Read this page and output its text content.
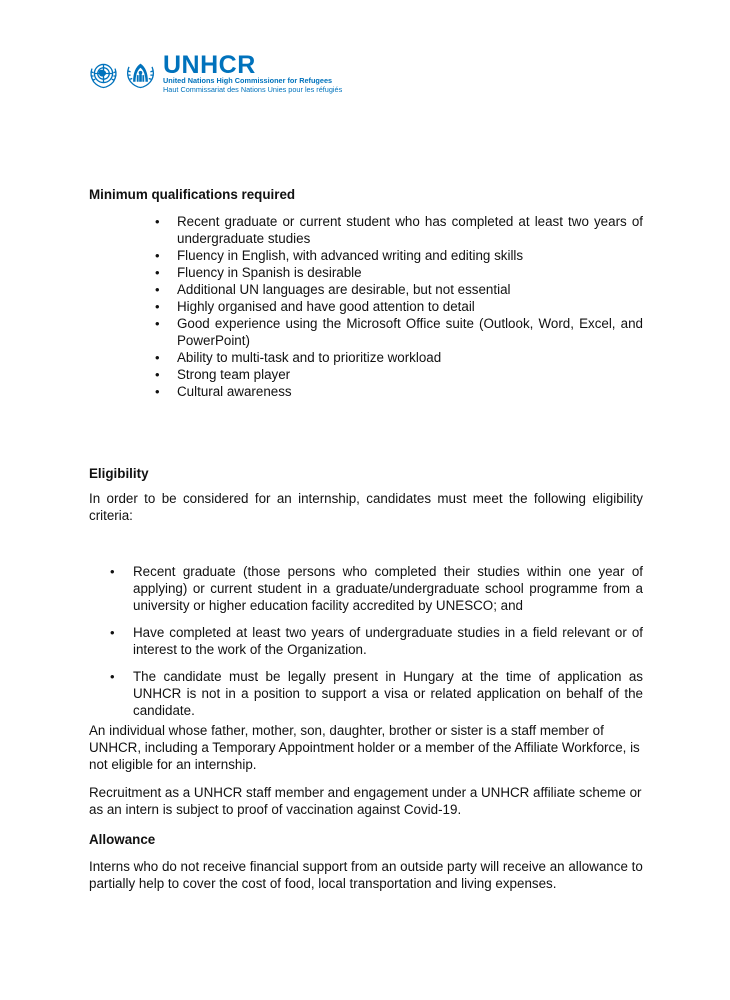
UNHCR
United Nations High Commissioner for Refugees
Haut Commissariat des Nations Unies pour les réfugiés
Minimum qualifications required
• Recent graduate or current student who has completed at least two years of undergraduate studies
• Fluency in English, with advanced writing and editing skills
• Fluency in Spanish is desirable
• Additional UN languages are desirable, but not essential
• Highly organised and have good attention to detail
• Good experience using the Microsoft Office suite (Outlook, Word, Excel, and PowerPoint)
• Ability to multi-task and to prioritize workload
• Strong team player
• Cultural awareness
Eligibility
In order to be considered for an internship, candidates must meet the following eligibility criteria:
• Recent graduate (those persons who completed their studies within one year of applying) or current student in a graduate/undergraduate school programme from a university or higher education facility accredited by UNESCO; and
• Have completed at least two years of undergraduate studies in a field relevant or of interest to the work of the Organization.
• The candidate must be legally present in Hungary at the time of application as UNHCR is not in a position to support a visa or related application on behalf of the candidate.
An individual whose father, mother, son, daughter, brother or sister is a staff member of UNHCR, including a Temporary Appointment holder or a member of the Affiliate Workforce, is not eligible for an internship.
Recruitment as a UNHCR staff member and engagement under a UNHCR affiliate scheme or as an intern is subject to proof of vaccination against Covid-19.
Allowance
Interns who do not receive financial support from an outside party will receive an allowance to partially help to cover the cost of food, local transportation and living expenses.
